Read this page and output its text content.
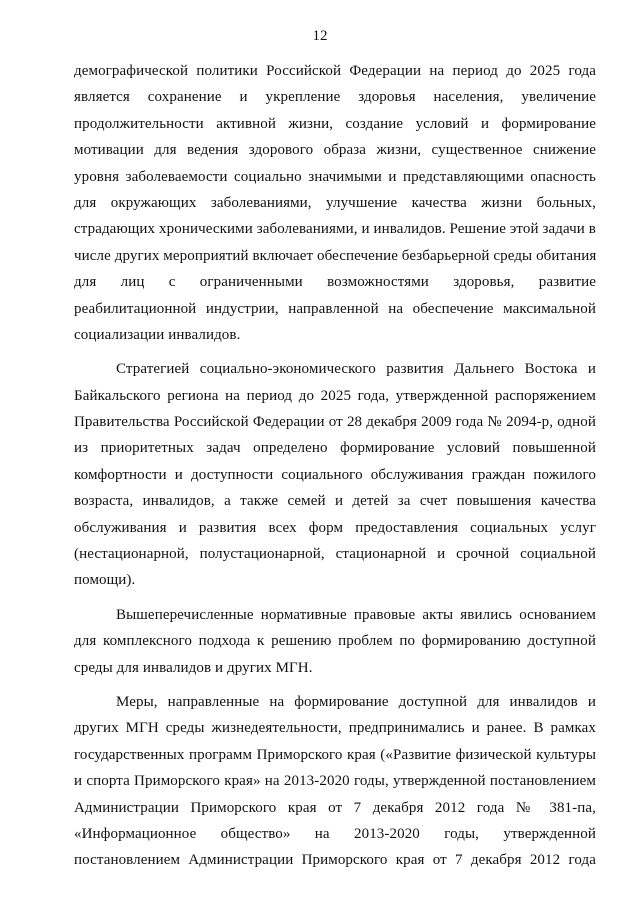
12
демографической политики Российской Федерации на период до 2025 года
является сохранение и укрепление здоровья населения, увеличение
продолжительности активной жизни, создание условий и формирование
мотивации для ведения здорового образа жизни, существенное снижение
уровня заболеваемости социально значимыми и представляющими опасность
для окружающих заболеваниями, улучшение качества жизни больных,
страдающих хроническими заболеваниями, и инвалидов. Решение этой задачи в
числе других мероприятий включает обеспечение безбарьерной среды обитания
для лиц с ограниченными возможностями здоровья, развитие
реабилитационной индустрии, направленной на обеспечение максимальной
социализации инвалидов.
Стратегией социально-экономического развития Дальнего Востока и
Байкальского региона на период до 2025 года, утвержденной распоряжением
Правительства Российской Федерации от 28 декабря 2009 года № 2094-р, одной
из приоритетных задач определено формирование условий повышенной
комфортности и доступности социального обслуживания граждан пожилого
возраста, инвалидов, а также семей и детей за счет повышения качества
обслуживания и развития всех форм предоставления социальных услуг
(нестационарной, полустационарной, стационарной и срочной социальной
помощи).
Вышеперечисленные нормативные правовые акты явились основанием
для комплексного подхода к решению проблем по формированию доступной
среды для инвалидов и других МГН.
Меры, направленные на формирование доступной для инвалидов и
других МГН среды жизнедеятельности, предпринимались и ранее. В рамках
государственных программ Приморского края («Развитие физической культуры
и спорта Приморского края» на 2013-2020 годы, утвержденной постановлением
Администрации Приморского края от 7 декабря 2012 года № 381-па,
«Информационное общество» на 2013-2020 годы, утвержденной
постановлением Администрации Приморского края от 7 декабря 2012 года
